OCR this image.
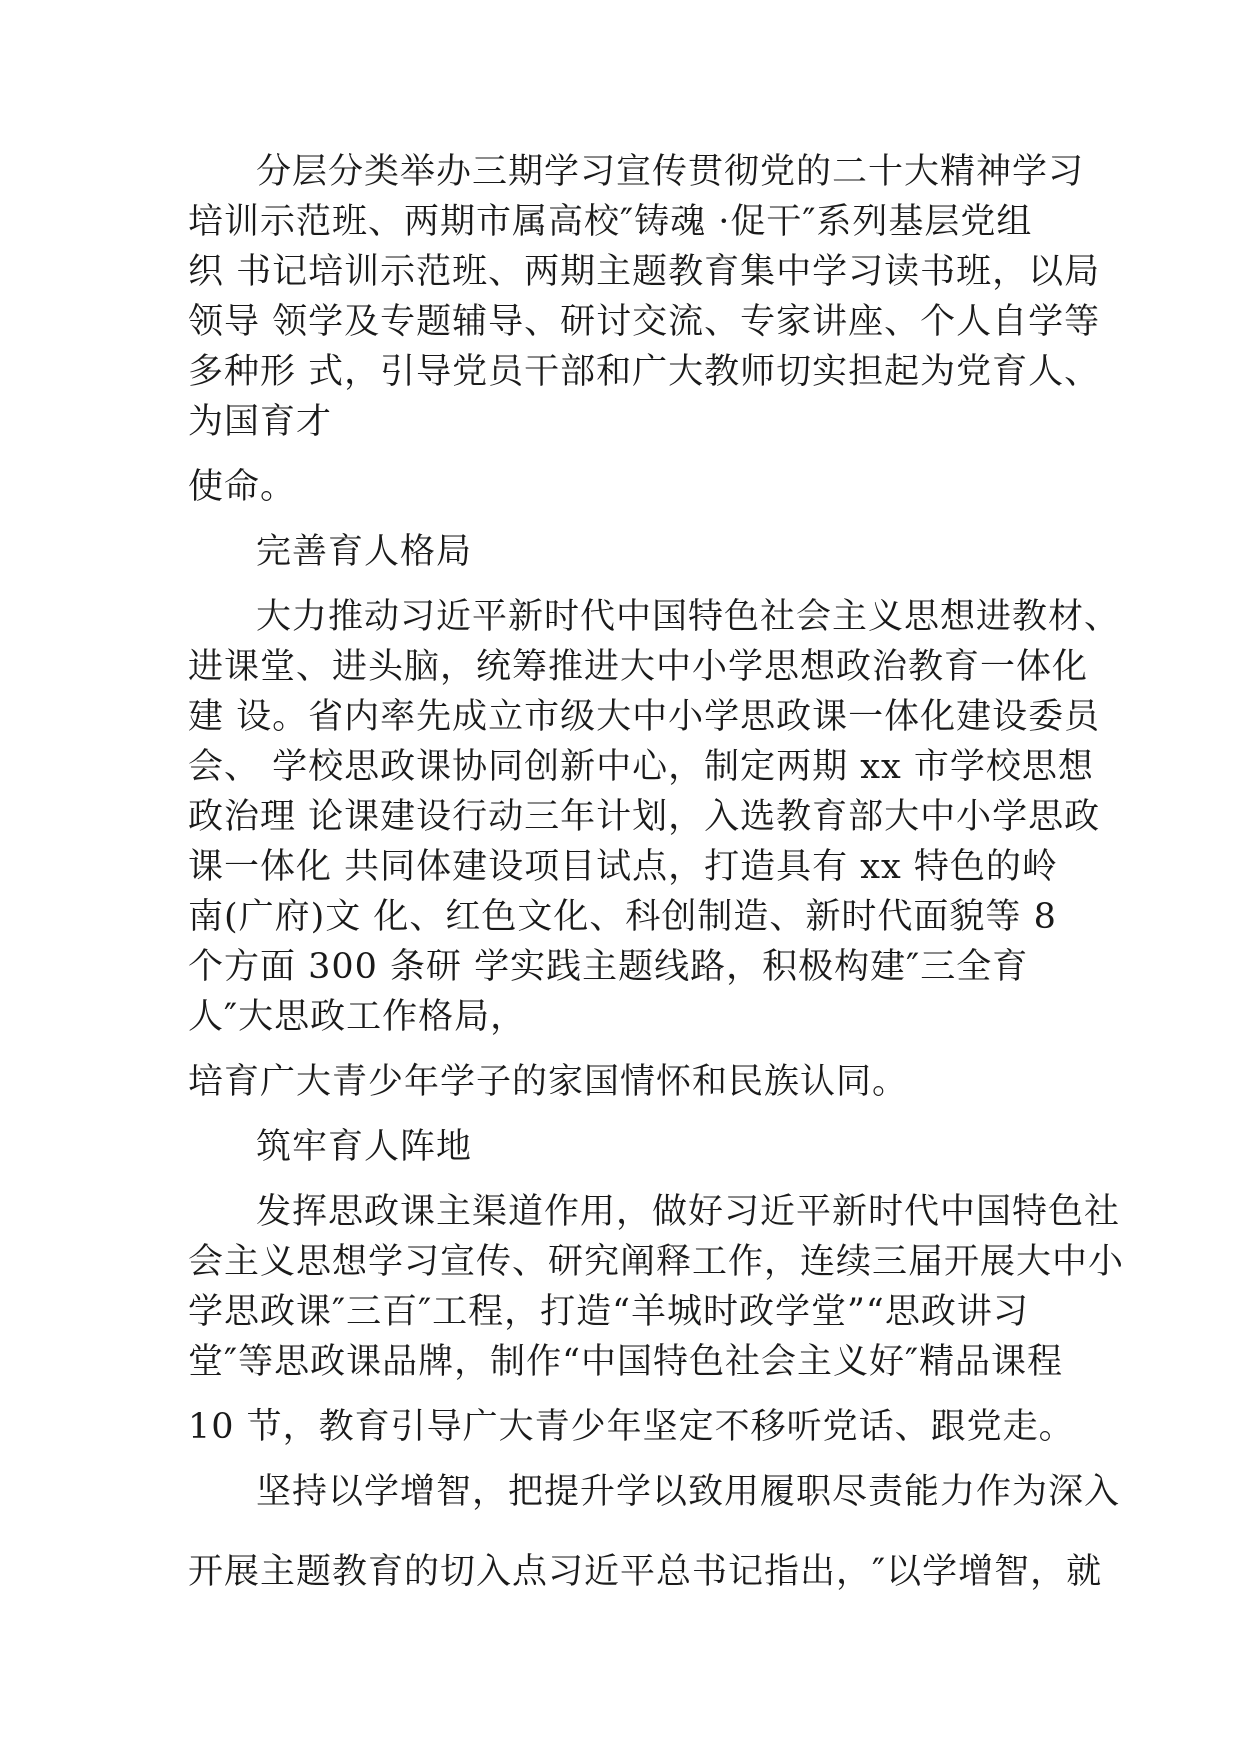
分层分类举办三期学习宣传贯彻党的二十大精神学习

培训示范班、两期市属高校″铸魂 ·促干″系列基层党组

织 书记培训示范班、两期主题教育集中学习读书班，以局

领导 领学及专题辅导、研讨交流、专家讲座、个人自学等

多种形 式，引导党员干部和广大教师切实担起为党育人、

为国育才

使命。

完善育人格局

大力推动习近平新时代中国特色社会主义思想进教材、

进课堂、进头脑，统筹推进大中小学思想政治教育一体化

建 设。省内率先成立市级大中小学思政课一体化建设委员

会、 学校思政课协同创新中心，制定两期 xx 市学校思想

政治理 论课建设行动三年计划，入选教育部大中小学思政

课一体化 共同体建设项目试点，打造具有 xx 特色的岭

南(广府)文 化、红色文化、科创制造、新时代面貌等 8

个方面 300 条研 学实践主题线路，积极构建″三全育

人″大思政工作格局，

培育广大青少年学子的家国情怀和民族认同。

筑牢育人阵地

发挥思政课主渠道作用，做好习近平新时代中国特色社

会主义思想学习宣传、研究阐释工作，连续三届开展大中小

学思政课″三百″工程，打造“羊城时政学堂”“思政讲习

堂″等思政课品牌，制作“中国特色社会主义好″精品课程

10 节，教育引导广大青少年坚定不移听党话、跟党走。

坚持以学增智，把提升学以致用履职尽责能力作为深入

开展主题教育的切入点习近平总书记指出，″以学增智，就
